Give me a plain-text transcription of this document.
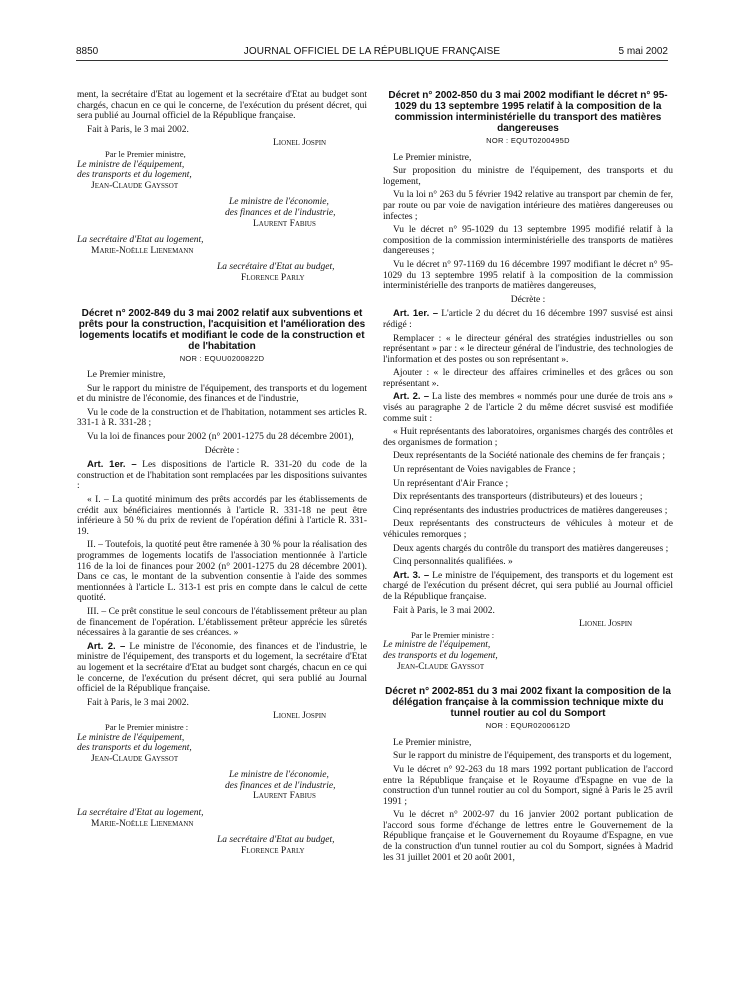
8850	JOURNAL OFFICIEL DE LA RÉPUBLIQUE FRANÇAISE	5 mai 2002

ment, la secrétaire d'Etat au logement et la secrétaire d'Etat au budget sont chargés, chacun en ce qui le concerne, de l'exécution du présent décret, qui sera publié au Journal officiel de la République française.

Fait à Paris, le 3 mai 2002.

Lionel Jospin
Par le Premier ministre,
Le ministre de l'équipement,
des transports et du logement,
Jean-Claude Gayssot
Le ministre de l'économie,
des finances et de l'industrie,
Laurent Fabius
La secrétaire d'Etat au logement,
Marie-Noëlle Lienemann
La secrétaire d'Etat au budget,
Florence Parly
Décret n° 2002-849 du 3 mai 2002 relatif aux subventions et prêts pour la construction, l'acquisition et l'amélioration des logements locatifs et modifiant le code de la construction et de l'habitation
NOR : EQUU0200822D

Le Premier ministre,

Sur le rapport du ministre de l'équipement, des transports et du logement et du ministre de l'économie, des finances et de l'industrie,

Vu le code de la construction et de l'habitation, notamment ses articles R. 331-1 à R. 331-28 ;

Vu la loi de finances pour 2002 (n° 2001-1275 du 28 décembre 2001),

Décrète :

Art. 1er. – Les dispositions de l'article R. 331-20 du code de la construction et de l'habitation sont remplacées par les dispositions suivantes :

« I. – La quotité minimum des prêts accordés par les établissements de crédit aux bénéficiaires mentionnés à l'article R. 331-18 ne peut être inférieure à 50 % du prix de revient de l'opération défini à l'article R. 331-19.

II. – Toutefois, la quotité peut être ramenée à 30 % pour la réalisation des programmes de logements locatifs de l'association mentionnée à l'article 116 de la loi de finances pour 2002 (n° 2001-1275 du 28 décembre 2001). Dans ce cas, le montant de la subvention consentie à l'aide des sommes mentionnées à l'article L. 313-1 est pris en compte dans le calcul de cette quotité.

III. – Ce prêt constitue le seul concours de l'établissement prêteur au plan de financement de l'opération. L'établissement prêteur apprécie les sûretés nécessaires à la garantie de ses créances. »

Art. 2. – Le ministre de l'économie, des finances et de l'industrie, le ministre de l'équipement, des transports et du logement, la secrétaire d'Etat au logement et la secrétaire d'Etat au budget sont chargés, chacun en ce qui le concerne, de l'exécution du présent décret, qui sera publié au Journal officiel de la République française.

Fait à Paris, le 3 mai 2002.

Lionel Jospin
Par le Premier ministre :
Le ministre de l'équipement,
des transports et du logement,
Jean-Claude Gayssot
Le ministre de l'économie,
des finances et de l'industrie,
Laurent Fabius
La secrétaire d'Etat au logement,
Marie-Noëlle Lienemann
La secrétaire d'Etat au budget,
Florence Parly
Décret n° 2002-850 du 3 mai 2002 modifiant le décret n° 95-1029 du 13 septembre 1995 relatif à la composition de la commission interministérielle du transport des matières dangereuses
NOR : EQUT0200495D

Le Premier ministre,

Sur proposition du ministre de l'équipement, des transports et du logement,

Vu la loi n° 263 du 5 février 1942 relative au transport par chemin de fer, par route ou par voie de navigation intérieure des matières dangereuses ou infectes ;

Vu le décret n° 95-1029 du 13 septembre 1995 modifié relatif à la composition de la commission interministérielle des transports de matières dangereuses ;

Vu le décret n° 97-1169 du 16 décembre 1997 modifiant le décret n° 95-1029 du 13 septembre 1995 relatif à la composition de la commission interministérielle des tranports de matières dangereuses,

Décrète :

Art. 1er. – L'article 2 du décret du 16 décembre 1997 susvisé est ainsi rédigé :

Remplacer : « le directeur général des stratégies industrielles ou son représentant » par : « le directeur général de l'industrie, des technologies de l'information et des postes ou son représentant ».

Ajouter : « le directeur des affaires criminelles et des grâces ou son représentant ».

Art. 2. – La liste des membres « nommés pour une durée de trois ans » visés au paragraphe 2 de l'article 2 du même décret susvisé est modifiée comme suit :

« Huit représentants des laboratoires, organismes chargés des contrôles et des organismes de formation ;

Deux représentants de la Société nationale des chemins de fer français ;

Un représentant de Voies navigables de France ;

Un représentant d'Air France ;

Dix représentants des transporteurs (distributeurs) et des loueurs ;

Cinq représentants des industries productrices de matières dangereuses ;

Deux représentants des constructeurs de véhicules à moteur et de véhicules remorques ;

Deux agents chargés du contrôle du transport des matières dangereuses ;

Cinq personnalités qualifiées. »

Art. 3. – Le ministre de l'équipement, des transports et du logement est chargé de l'exécution du présent décret, qui sera publié au Journal officiel de la République française.

Fait à Paris, le 3 mai 2002.

Lionel Jospin
Par le Premier ministre :
Le ministre de l'équipement,
des transports et du logement,
Jean-Claude Gayssot
Décret n° 2002-851 du 3 mai 2002 fixant la composition de la délégation française à la commission technique mixte du tunnel routier au col du Somport
NOR : EQUR0200612D

Le Premier ministre,

Sur le rapport du ministre de l'équipement, des transports et du logement,

Vu le décret n° 92-263 du 18 mars 1992 portant publication de l'accord entre la République française et le Royaume d'Espagne en vue de la construction d'un tunnel routier au col du Somport, signé à Paris le 25 avril 1991 ;

Vu le décret n° 2002-97 du 16 janvier 2002 portant publication de l'accord sous forme d'échange de lettres entre le Gouvernement de la République française et le Gouvernement du Royaume d'Espagne, en vue de la construction d'un tunnel routier au col du Somport, signées à Madrid les 31 juillet 2001 et 20 août 2001,
